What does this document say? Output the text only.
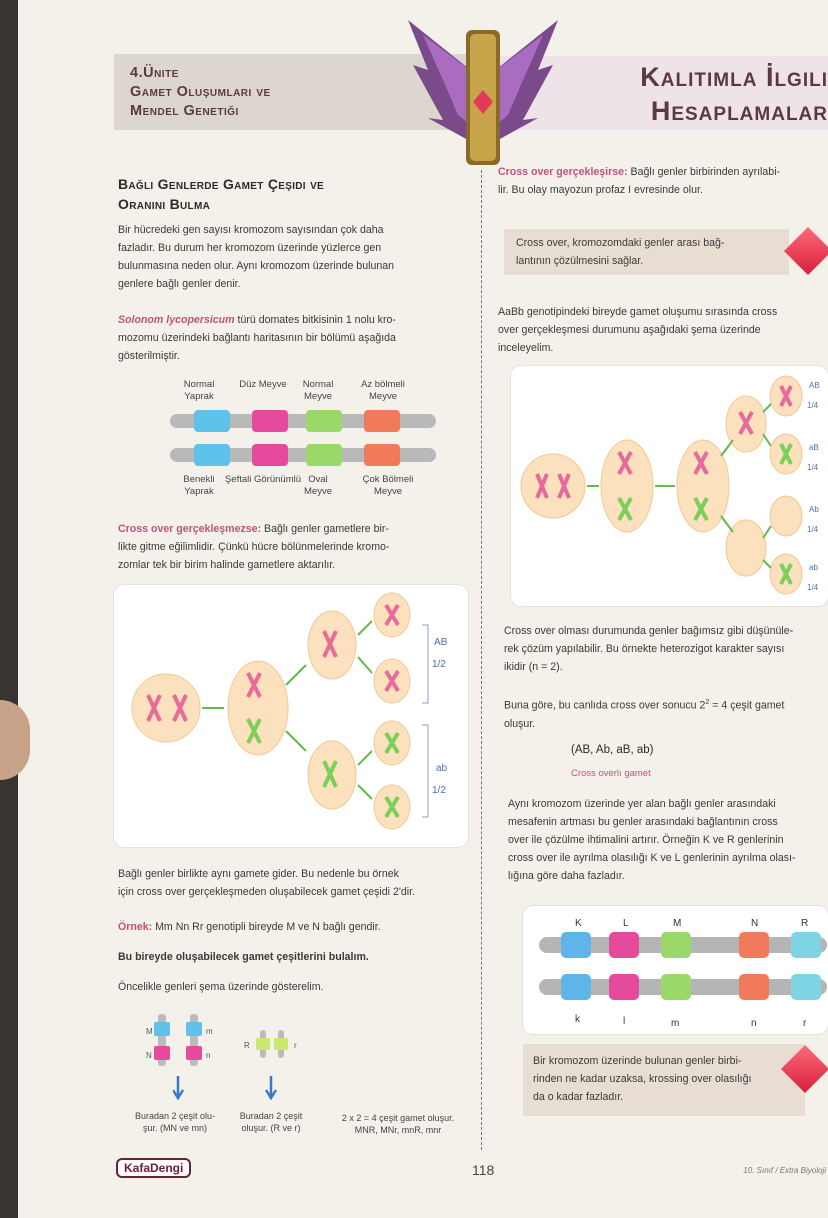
4.Ünite
Gamet Oluşumları ve
Mendel Genetiği
Kalıtımla İlgili
Hesaplamalar
Bağlı Genlerde Gamet Çeşidi ve
Oranını Bulma
Bir hücredeki gen sayısı kromozom sayısından çok daha
fazladır. Bu durum her kromozom üzerinde yüzlerce gen
bulunmasına neden olur. Aynı kromozom üzerinde bulunan
genlere bağlı genler denir.
Solonom lycopersicum türü domates bitkisinin 1 nolu kro-
mozomu üzerindeki bağlantı haritasının bir bölümü aşağıda
gösterilmiştir.
Normal Yaprak
Düz Meyve	Normal Meyve
Az bölmeli Meyve
Benekli Yaprak
Şeftali Görünümlü Oval Meyve
Çok Bölmeli Meyve
Cross over gerçekleşmezse: Bağlı genler gametlere bir-
likte gitme eğilimlidir. Çünkü hücre bölünmelerinde kromo-
zomlar tek bir birim halinde gametlere aktarılır.
AB
1/2
ab
1/2
Bağlı genler birlikte aynı gamete gider. Bu nedenle bu örnek
için cross over gerçekleşmeden oluşabilecek gamet çeşidi 2'dir.
Örnek: Mm Nn Rr genotipli bireyde M ve N bağlı gendir.
Bu bireyde oluşabilecek gamet çeşitlerini bulalım.
Öncelikle genleri şema üzerinde gösterelim.
M	m
N	n
R	r
Buradan 2 çeşit olu-
şur. (MN ve mn)
Buradan 2 çeşit
oluşur. (R ve r)
2 x 2 = 4 çeşit gamet oluşur.
MNR, MNr, mnR, mnr
Cross over gerçekleşirse: Bağlı genler birbirinden ayrılabi-
lir. Bu olay mayozun profaz I evresinde olur.
Cross over, kromozomdaki genler arası bağ-
lantının çözülmesini sağlar.
AaBb genotipindeki bireyde gamet oluşumu sırasında cross
over gerçekleşmesi durumunu aşağıdaki şema üzerinde
inceleyelim.
AB
1/4
aB
1/4
Ab
1/4
ab
1/4
Cross over olması durumunda genler bağımsız gibi düşünüle-
rek çözüm yapılabilir. Bu örnekte heterozigot karakter sayısı
ikidir (n = 2).
Buna göre, bu canlıda cross over sonucu $2^2 = 4$ çeşit gamet
oluşur.
(AB, Ab, aB, ab)
Cross overlı gamet
Aynı kromozom üzerinde yer alan bağlı genler arasındaki
mesafenin artması bu genler arasındaki bağlantının cross
over ile çözülme ihtimalini artırır. Örneğin K ve R genlerinin
cross over ile ayrılma olasılığı K ve L genlerinin ayrılma olası-
lığına göre daha fazladır.
K	L	M	N	R
k	l	m	n	r
Bir kromozom üzerinde bulunan genler birbi-
rinden ne kadar uzaksa, krossing over olasılığı
da o kadar fazladır.
KafaDengi	118	10. Sınıf / Extra Biyoloji
